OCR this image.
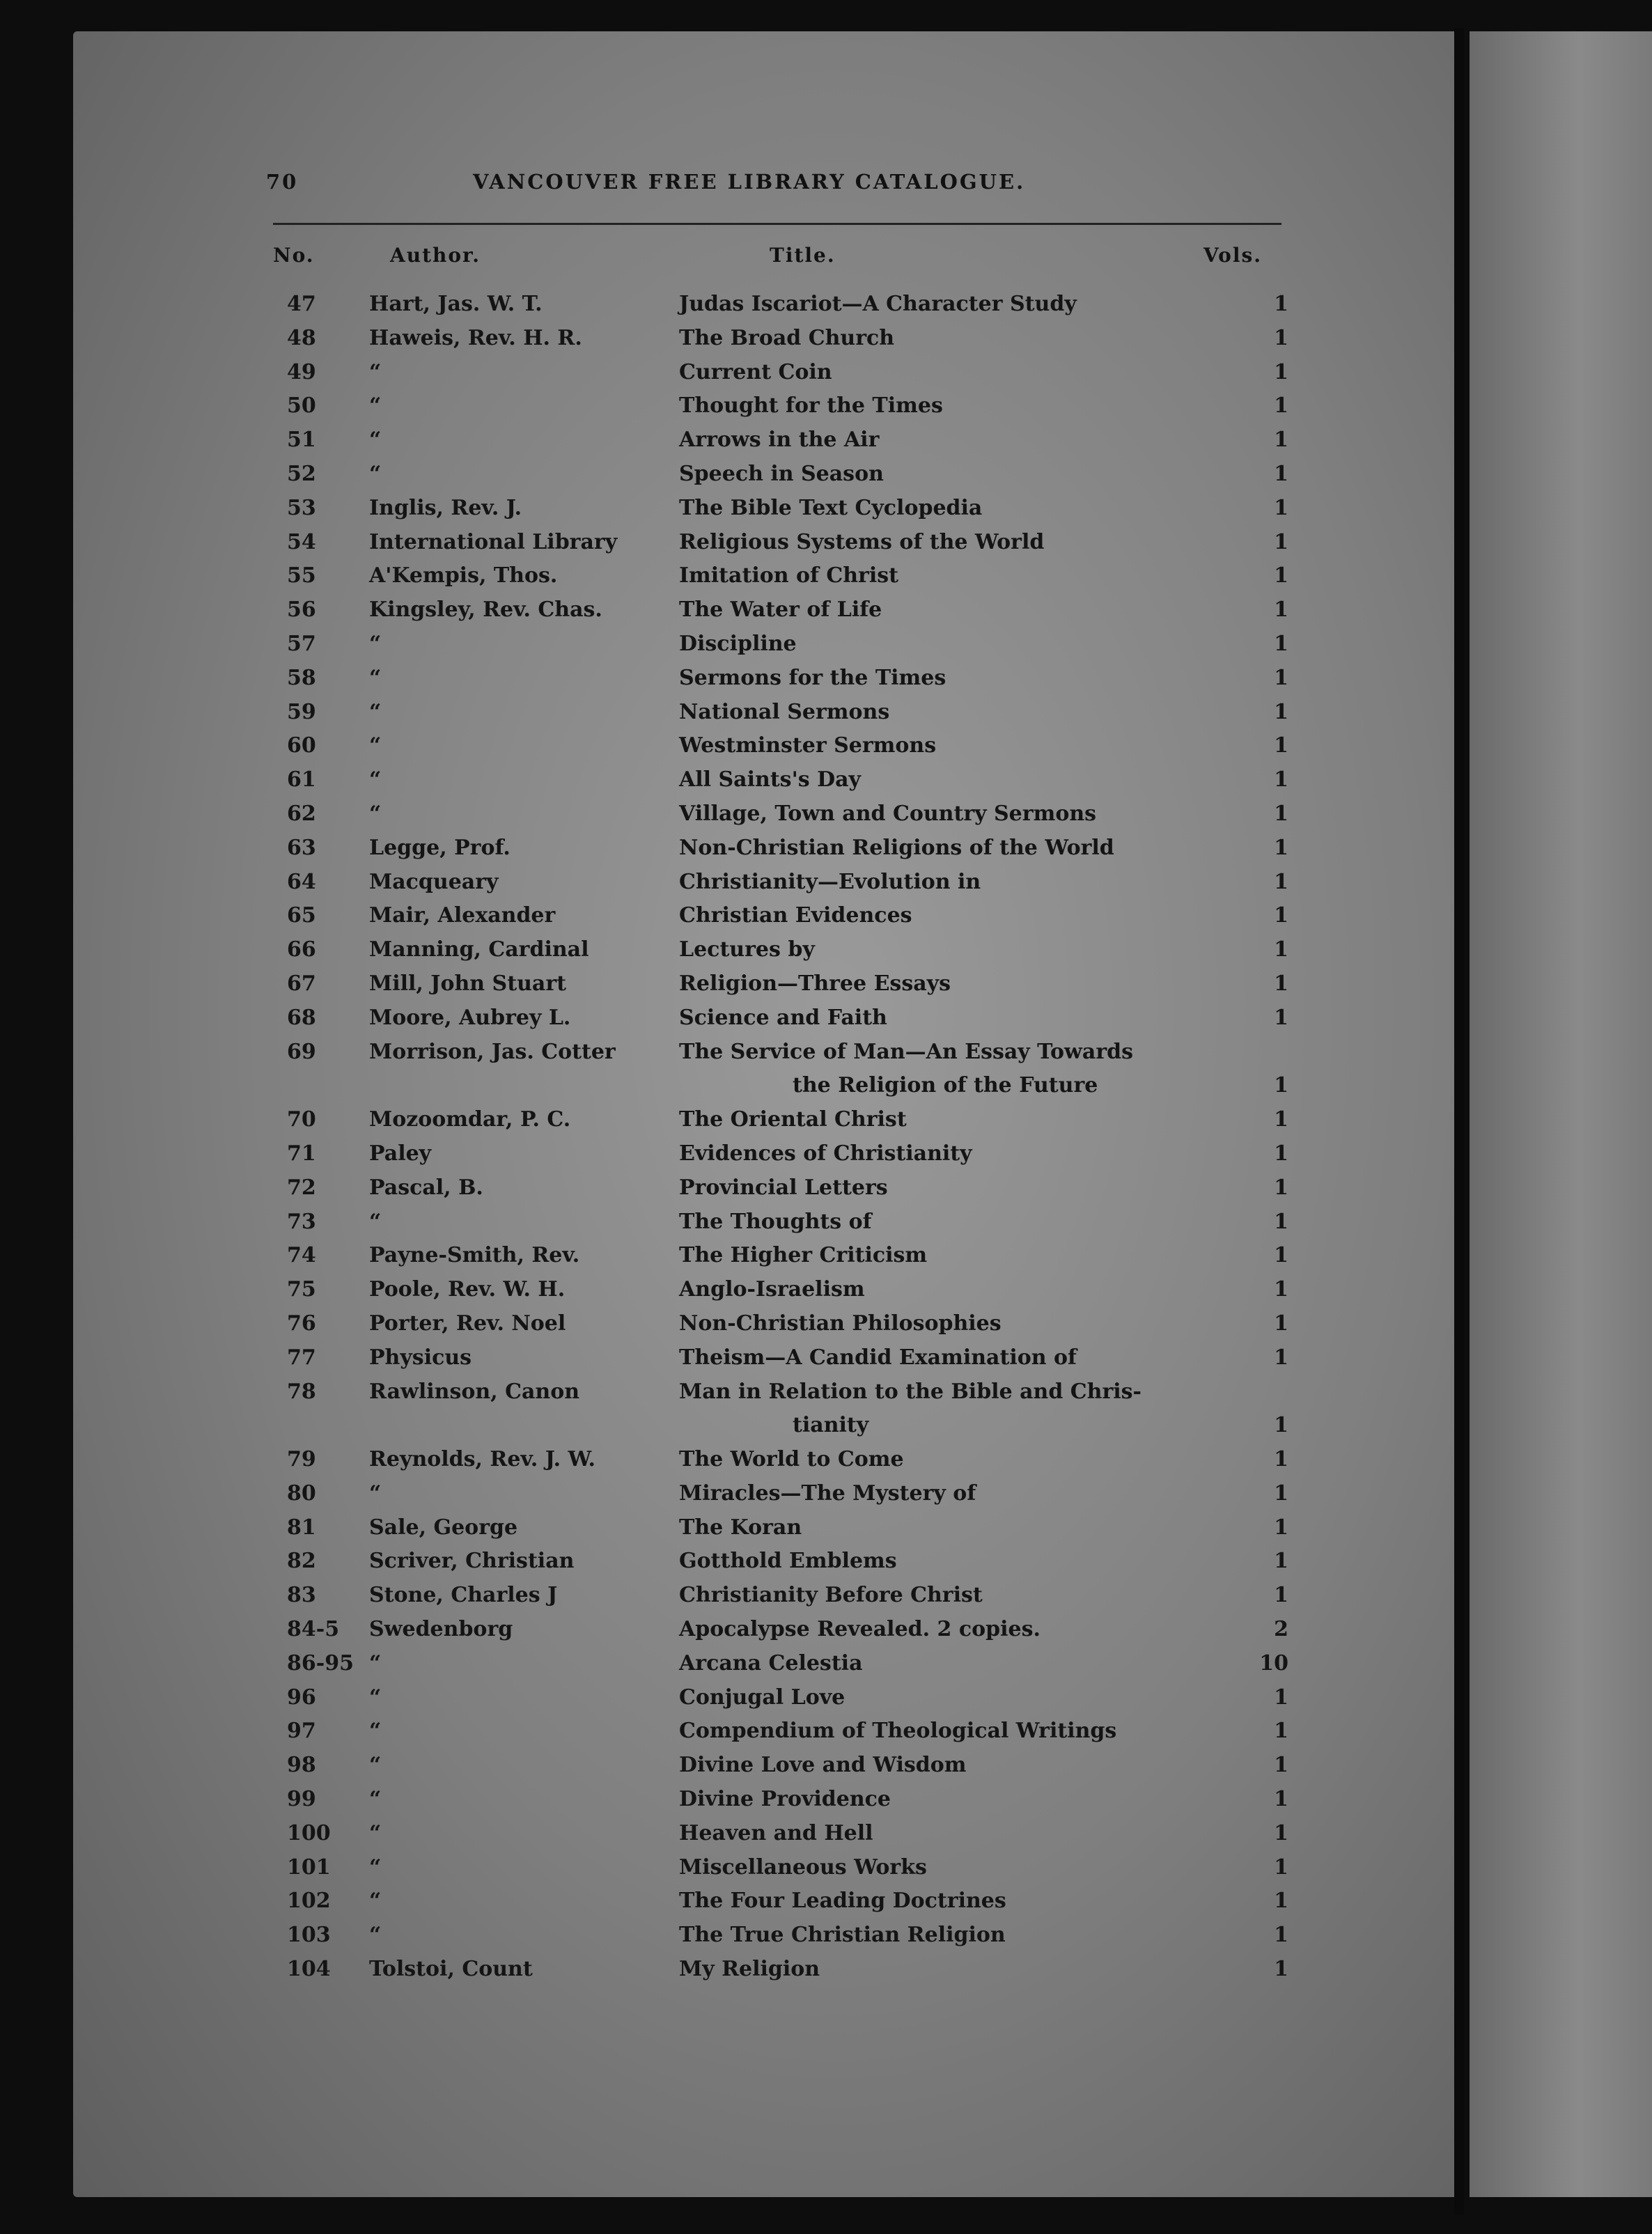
70	VANCOUVER FREE LIBRARY CATALOGUE.
No.	Author.	Title.	Vols.
47	Hart, Jas. W. T.	Judas Iscariot—A Character Study	1
48	Haweis, Rev. H. R.	The Broad Church	1
49	“	Current Coin	1
50	“	Thought for the Times	1
51	“	Arrows in the Air	1
52	“	Speech in Season	1
53	Inglis, Rev. J.	The Bible Text Cyclopedia	1
54	International Library	Religious Systems of the World	1
55	A'Kempis, Thos.	Imitation of Christ	1
56	Kingsley, Rev. Chas.	The Water of Life	1
57	“	Discipline	1
58	“	Sermons for the Times	1
59	“	National Sermons	1
60	“	Westminster Sermons	1
61	“	All Saints's Day	1
62	“	Village, Town and Country Sermons	1
63	Legge, Prof.	Non-Christian Religions of the World	1
64	Macqueary	Christianity—Evolution in	1
65	Mair, Alexander	Christian Evidences	1
66	Manning, Cardinal	Lectures by	1
67	Mill, John Stuart	Religion—Three Essays	1
68	Moore, Aubrey L.	Science and Faith	1
69	Morrison, Jas. Cotter	The Service of Man—An Essay Towards
the Religion of the Future	1
70	Mozoomdar, P. C.	The Oriental Christ	1
71	Paley	Evidences of Christianity	1
72	Pascal, B.	Provincial Letters	1
73	“	The Thoughts of	1
74	Payne-Smith, Rev.	The Higher Criticism	1
75	Poole, Rev. W. H.	Anglo-Israelism	1
76	Porter, Rev. Noel	Non-Christian Philosophies	1
77	Physicus	Theism—A Candid Examination of	1
78	Rawlinson, Canon	Man in Relation to the Bible and Chris-
tianity	1
79	Reynolds, Rev. J. W.	The World to Come	1
80	“	Miracles—The Mystery of	1
81	Sale, George	The Koran	1
82	Scriver, Christian	Gotthold Emblems	1
83	Stone, Charles J	Christianity Before Christ	1
84-5 Swedenborg	Apocalypse Revealed. 2 copies.	2
86-95 “	Arcana Celestia	10
96	“	Conjugal Love	1
97	“	Compendium of Theological Writings	1
98	“	Divine Love and Wisdom	1
99	“	Divine Providence	1
100 “	Heaven and Hell	1
101 “	Miscellaneous Works	1
102 “	The Four Leading Doctrines	1
103 “	The True Christian Religion	1
104 Tolstoi, Count	My Religion	1
